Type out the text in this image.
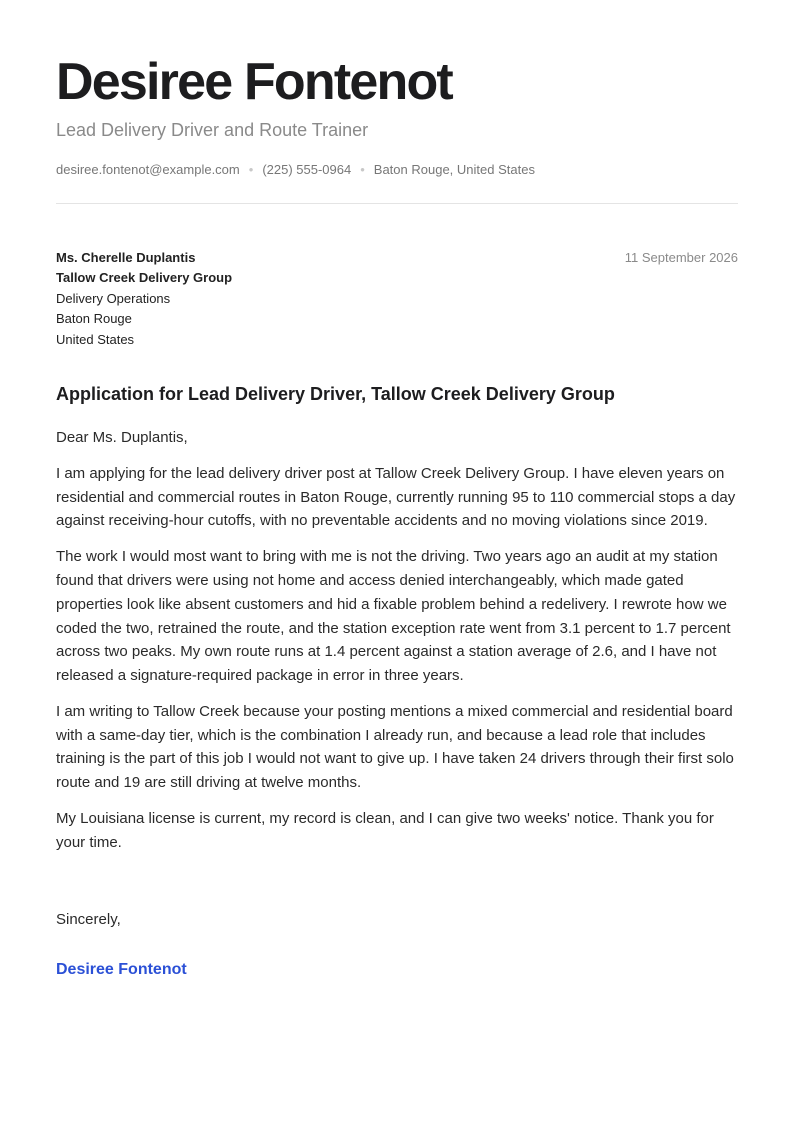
Desiree Fontenot
Lead Delivery Driver and Route Trainer
desiree.fontenot@example.com • (225) 555-0964 • Baton Rouge, United States
Ms. Cherelle Duplantis
Tallow Creek Delivery Group
Delivery Operations
Baton Rouge
United States
11 September 2026
Application for Lead Delivery Driver, Tallow Creek Delivery Group

Dear Ms. Duplantis,

I am applying for the lead delivery driver post at Tallow Creek Delivery Group. I have eleven years on residential and commercial routes in Baton Rouge, currently running 95 to 110 commercial stops a day against receiving-hour cutoffs, with no preventable accidents and no moving violations since 2019.

The work I would most want to bring with me is not the driving. Two years ago an audit at my station found that drivers were using not home and access denied interchangeably, which made gated properties look like absent customers and hid a fixable problem behind a redelivery. I rewrote how we coded the two, retrained the route, and the station exception rate went from 3.1 percent to 1.7 percent across two peaks. My own route runs at 1.4 percent against a station average of 2.6, and I have not released a signature-required package in error in three years.

I am writing to Tallow Creek because your posting mentions a mixed commercial and residential board with a same-day tier, which is the combination I already run, and because a lead role that includes training is the part of this job I would not want to give up. I have taken 24 drivers through their first solo route and 19 are still driving at twelve months.

My Louisiana license is current, my record is clean, and I can give two weeks' notice. Thank you for your time.

Sincerely,
Desiree Fontenot
